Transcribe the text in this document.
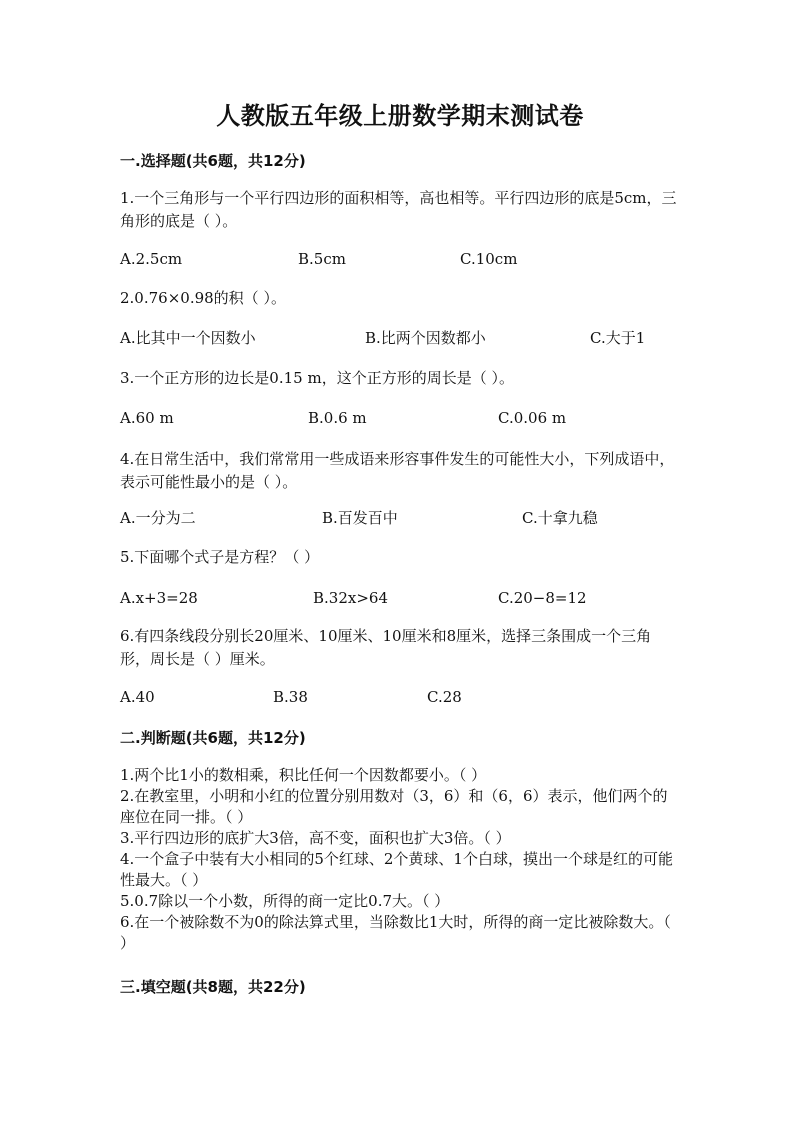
人教版五年级上册数学期末测试卷
一.选择题(共6题，共12分)
1.一个三角形与一个平行四边形的面积相等，高也相等。平行四边形的底是5cm，三角形的底是（ ）。
A.2.5cm	B.5cm	C.10cm
2.0.76×0.98的积（ ）。
A.比其中一个因数小	B.比两个因数都小	C.大于1
3.一个正方形的边长是0.15 m，这个正方形的周长是（ ）。
A.60 m	B.0.6 m	C.0.06 m
4.在日常生活中，我们常常用一些成语来形容事件发生的可能性大小，下列成语中，表示可能性最小的是（ ）。
A.一分为二	B.百发百中	C.十拿九稳
5.下面哪个式子是方程？（ ）
A.x+3=28	B.32x>64	C.20−8=12
6.有四条线段分别长20厘米、10厘米、10厘米和8厘米，选择三条围成一个三角形，周长是（ ）厘米。
A.40	B.38	C.28
二.判断题(共6题，共12分)
1.两个比1小的数相乘，积比任何一个因数都要小。（ ）
2.在教室里，小明和小红的位置分别用数对（3，6）和（6，6）表示，他们两个的座位在同一排。（ ）
3.平行四边形的底扩大3倍，高不变，面积也扩大3倍。（ ）
4.一个盒子中装有大小相同的5个红球、2个黄球、1个白球，摸出一个球是红的可能性最大。（ ）
5.0.7除以一个小数，所得的商一定比0.7大。（ ）
6.在一个被除数不为0的除法算式里，当除数比1大时，所得的商一定比被除数大。（ ）
三.填空题(共8题，共22分)
